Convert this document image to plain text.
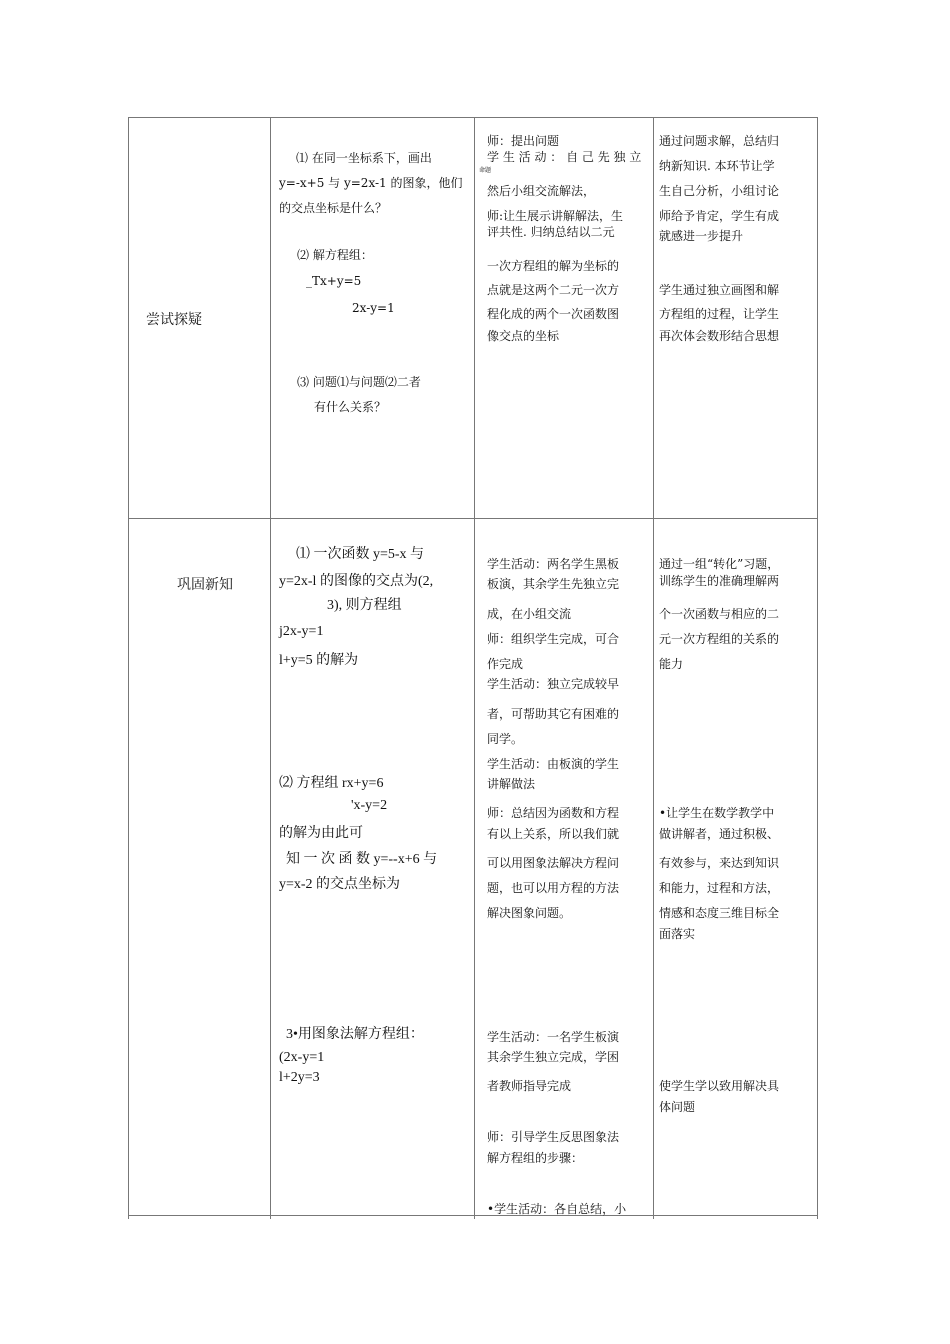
尝试探疑
⑴ 在同一坐标系下，画出
y=-x+5 与 y=2x-1 的图象，他们
的交点坐标是什么？
⑵ 解方程组：
_Tx+y=5
2x-y=1
⑶ 问题⑴与问题⑵二者
有什么关系？
师：提出问题
学 生 活 动 ： 自 己 先 独 立
命题
然后小组交流解法，
师:让生展示讲解解法，生
评共性. 归纳总结以二元
一次方程组的解为坐标的
点就是这两个二元一次方
程化成的两个一次函数图
像交点的坐标
通过问题求解，总结归
纳新知识. 本环节让学
生自己分析，小组讨论
师给予肯定，学生有成
就感进一步提升
学生通过独立画图和解
方程组的过程，让学生
再次体会数形结合思想
巩固新知
⑴ 一次函数 y=5-x 与
y=2x-l 的图像的交点为(2,
3), 则方程组
j2x-y=1
l+y=5 的解为
⑵ 方程组 rx+y=6
'x-y=2
的解为由此可
知 一 次 函 数 y=--x+6 与
y=x-2 的交点坐标为
3•用图象法解方程组：
(2x-y=1
l+2y=3
学生活动：两名学生黑板
板演，其余学生先独立完
成，在小组交流
师：组织学生完成，可合
作完成
学生活动：独立完成较早
者，可帮助其它有困难的
同学。
学生活动：由板演的学生
讲解做法
师：总结因为函数和方程
有以上关系，所以我们就
可以用图象法解决方程问
题，也可以用方程的方法
解决图象问题。
学生活动：一名学生板演
其余学生独立完成，学困
者教师指导完成
师：引导学生反思图象法
解方程组的步骤：
•学生活动：各自总结，小
通过一组“转化”习题，
训练学生的准确理解两
个一次函数与相应的二
元一次方程组的关系的
能力
•让学生在数学教学中
做讲解者，通过积极、
有效参与，来达到知识
和能力，过程和方法，
情感和态度三维目标全
面落实
使学生学以致用解决具
体问题
